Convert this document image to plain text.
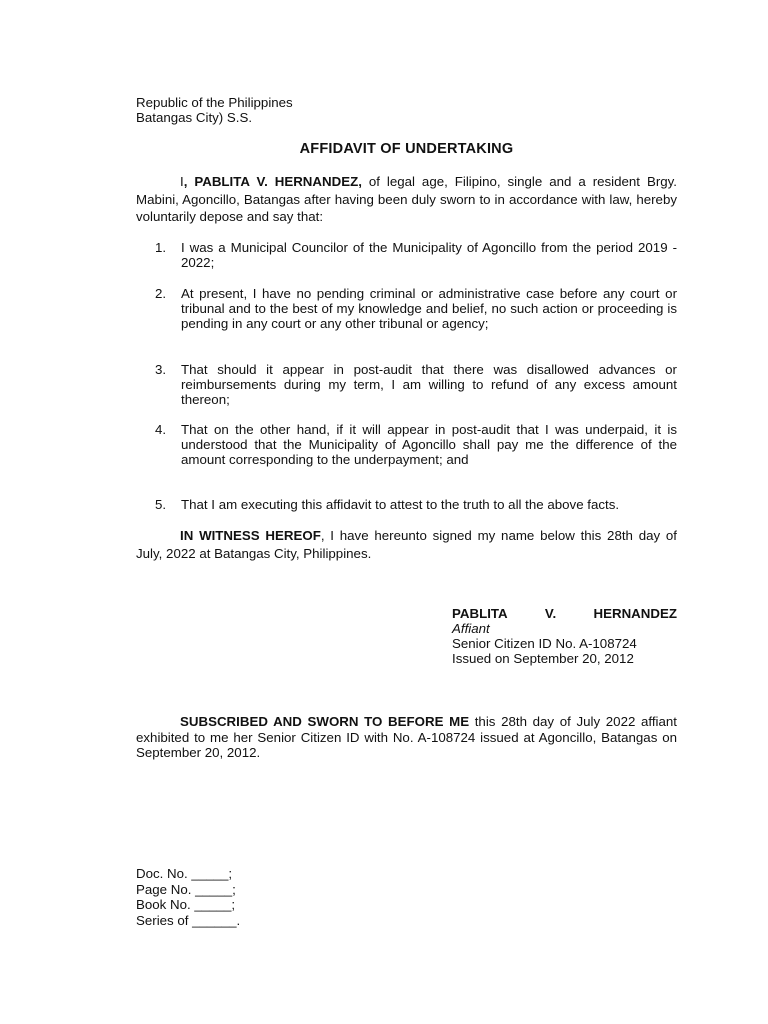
Republic of the Philippines
Batangas City) S.S.
AFFIDAVIT OF UNDERTAKING
I, PABLITA V. HERNANDEZ, of legal age, Filipino, single and a resident Brgy. Mabini, Agoncillo, Batangas after having been duly sworn to in accordance with law, hereby voluntarily depose and say that:
1. I was a Municipal Councilor of the Municipality of Agoncillo from the period 2019 - 2022;
2. At present, I have no pending criminal or administrative case before any court or tribunal and to the best of my knowledge and belief, no such action or proceeding is pending in any court or any other tribunal or agency;
3. That should it appear in post-audit that there was disallowed advances or reimbursements during my term, I am willing to refund of any excess amount thereon;
4. That on the other hand, if it will appear in post-audit that I was underpaid, it is understood that the Municipality of Agoncillo shall pay me the difference of the amount corresponding to the underpayment; and
5. That I am executing this affidavit to attest to the truth to all the above facts.
IN WITNESS HEREOF, I have hereunto signed my name below this 28th day of July, 2022 at Batangas City, Philippines.
PABLITA	V.	HERNANDEZ
Affiant
Senior Citizen ID No. A-108724
Issued on September 20, 2012
SUBSCRIBED AND SWORN TO BEFORE ME this 28th day of July 2022 affiant exhibited to me her Senior Citizen ID with No. A-108724 issued at Agoncillo, Batangas on September 20, 2012.
Doc. No. _____;
Page No. _____;
Book No. _____;
Series of ______.
